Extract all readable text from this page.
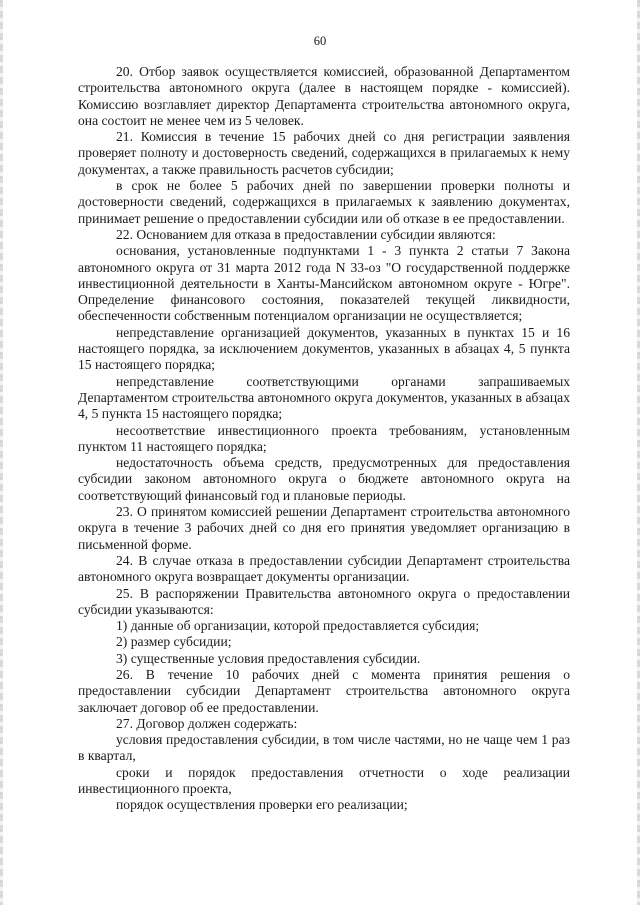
60

20. Отбор заявок осуществляется комиссией, образованной Департаментом строительства автономного округа (далее в настоящем порядке - комиссией). Комиссию возглавляет директор Департамента строительства автономного округа, она состоит не менее чем из 5 человек.

21. Комиссия в течение 15 рабочих дней со дня регистрации заявления проверяет полноту и достоверность сведений, содержащихся в прилагаемых к нему документах, а также правильность расчетов субсидии;

в срок не более 5 рабочих дней по завершении проверки полноты и достоверности сведений, содержащихся в прилагаемых к заявлению документах, принимает решение о предоставлении субсидии или об отказе в ее предоставлении.

22. Основанием для отказа в предоставлении субсидии являются:

основания, установленные подпунктами 1 - 3 пункта 2 статьи 7 Закона автономного округа от 31 марта 2012 года N 33-оз "О государственной поддержке инвестиционной деятельности в Ханты-Мансийском автономном округе - Югре". Определение финансового состояния, показателей текущей ликвидности, обеспеченности собственным потенциалом организации не осуществляется;

непредставление организацией документов, указанных в пунктах 15 и 16 настоящего порядка, за исключением документов, указанных в абзацах 4, 5 пункта 15 настоящего порядка;

непредставление соответствующими органами запрашиваемых Департаментом строительства автономного округа документов, указанных в абзацах 4, 5 пункта 15 настоящего порядка;

несоответствие инвестиционного проекта требованиям, установленным пунктом 11 настоящего порядка;

недостаточность объема средств, предусмотренных для предоставления субсидии законом автономного округа о бюджете автономного округа на соответствующий финансовый год и плановые периоды.

23. О принятом комиссией решении Департамент строительства автономного округа в течение 3 рабочих дней со дня его принятия уведомляет организацию в письменной форме.

24. В случае отказа в предоставлении субсидии Департамент строительства автономного округа возвращает документы организации.

25. В распоряжении Правительства автономного округа о предоставлении субсидии указываются:

1) данные об организации, которой предоставляется субсидия;

2) размер субсидии;

3) существенные условия предоставления субсидии.

26. В течение 10 рабочих дней с момента принятия решения о предоставлении субсидии Департамент строительства автономного округа заключает договор об ее предоставлении.

27. Договор должен содержать:

условия предоставления субсидии, в том числе частями, но не чаще чем 1 раз в квартал,

сроки и порядок предоставления отчетности о ходе реализации инвестиционного проекта,

порядок осуществления проверки его реализации;
